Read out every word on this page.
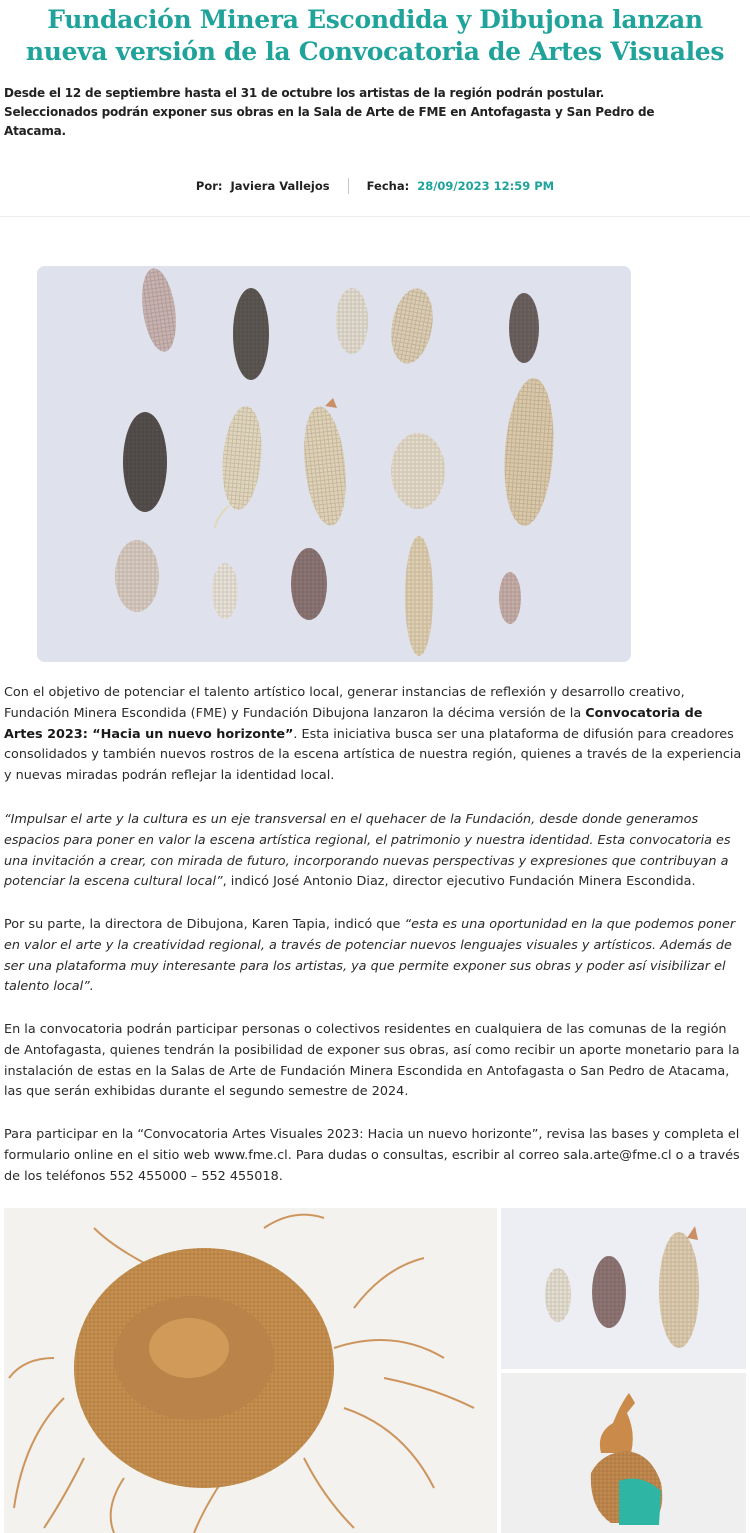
Fundación Minera Escondida y Dibujona lanzan
nueva versión de la Convocatoria de Artes Visuales

Desde el 12 de septiembre hasta el 31 de octubre los artistas de la región podrán postular.
Seleccionados podrán exponer sus obras en la Sala de Arte de FME en Antofagasta y San Pedro de
Atacama.

Por: Javiera Vallejos	Fecha: 28/09/2023 12:59 PM

Con el objetivo de potenciar el talento artístico local, generar instancias de reflexión y desarrollo creativo, Fundación Minera Escondida (FME) y Fundación Dibujona lanzaron la décima versión de la Convocatoria de Artes 2023: “Hacia un nuevo horizonte”. Esta iniciativa busca ser una plataforma de difusión para creadores consolidados y también nuevos rostros de la escena artística de nuestra región, quienes a través de la experiencia y nuevas miradas podrán reflejar la identidad local.

“Impulsar el arte y la cultura es un eje transversal en el quehacer de la Fundación, desde donde generamos espacios para poner en valor la escena artística regional, el patrimonio y nuestra identidad. Esta convocatoria es una invitación a crear, con mirada de futuro, incorporando nuevas perspectivas y expresiones que contribuyan a potenciar la escena cultural local”, indicó José Antonio Diaz, director ejecutivo Fundación Minera Escondida.

Por su parte, la directora de Dibujona, Karen Tapia, indicó que “esta es una oportunidad en la que podemos poner en valor el arte y la creatividad regional, a través de potenciar nuevos lenguajes visuales y artísticos. Además de ser una plataforma muy interesante para los artistas, ya que permite exponer sus obras y poder así visibilizar el talento local”.

En la convocatoria podrán participar personas o colectivos residentes en cualquiera de las comunas de la región de Antofagasta, quienes tendrán la posibilidad de exponer sus obras, así como recibir un aporte monetario para la instalación de estas en la Salas de Arte de Fundación Minera Escondida en Antofagasta o San Pedro de Atacama, las que serán exhibidas durante el segundo semestre de 2024.

Para participar en la “Convocatoria Artes Visuales 2023: Hacia un nuevo horizonte”, revisa las bases y completa el formulario online en el sitio web www.fme.cl. Para dudas o consultas, escribir al correo sala.arte@fme.cl o a través de los teléfonos 552 455000 – 552 455018.
